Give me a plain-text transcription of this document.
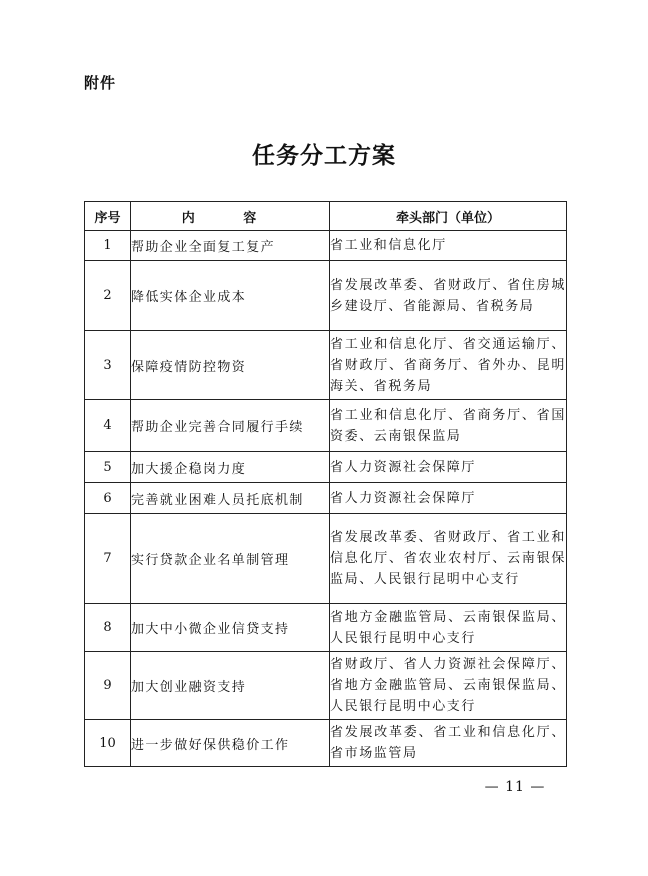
附件
任务分工方案
序号	内 容	牵头部门（单位）
1	帮助企业全面复工复产	省工业和信息化厅
2	降低实体企业成本	省发展改革委、省财政厅、省住房城乡建设厅、省能源局、省税务局
3	保障疫情防控物资	省工业和信息化厅、省交通运输厅、省财政厅、省商务厅、省外办、昆明海关、省税务局
4	帮助企业完善合同履行手续	省工业和信息化厅、省商务厅、省国资委、云南银保监局
5	加大援企稳岗力度	省人力资源社会保障厅
6	完善就业困难人员托底机制	省人力资源社会保障厅
7	实行贷款企业名单制管理	省发展改革委、省财政厅、省工业和信息化厅、省农业农村厅、云南银保监局、人民银行昆明中心支行
8	加大中小微企业信贷支持	省地方金融监管局、云南银保监局、人民银行昆明中心支行
9	加大创业融资支持	省财政厅、省人力资源社会保障厅、省地方金融监管局、云南银保监局、人民银行昆明中心支行
10	进一步做好保供稳价工作	省发展改革委、省工业和信息化厅、省市场监管局
— 11 —
